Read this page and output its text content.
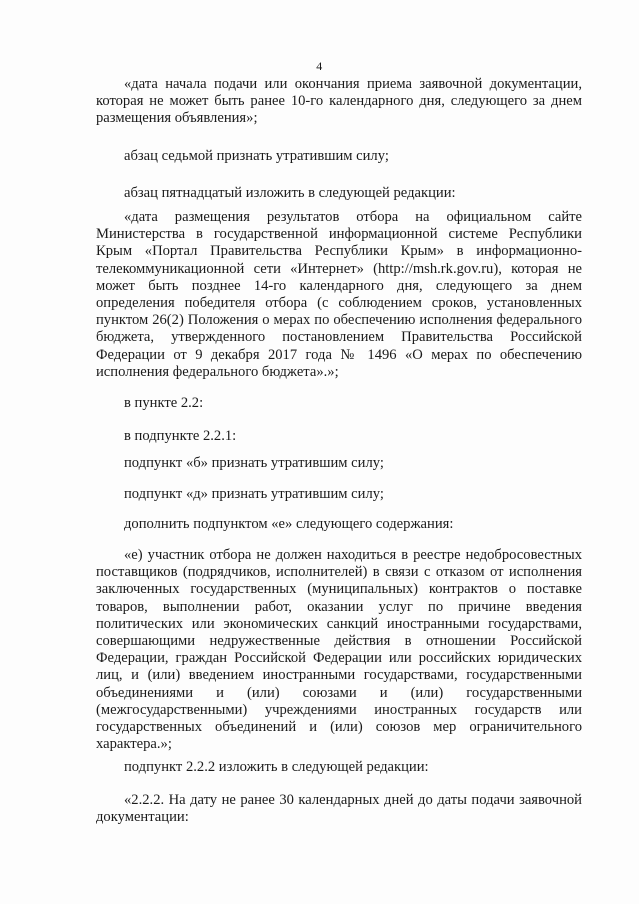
4

«дата начала подачи или окончания приема заявочной документации, которая не может быть ранее 10-го календарного дня, следующего за днем размещения объявления»;

абзац седьмой признать утратившим силу;

абзац пятнадцатый изложить в следующей редакции:

«дата размещения результатов отбора на официальном сайте Министерства в государственной информационной системе Республики Крым «Портал Правительства Республики Крым» в информационно-телекоммуникационной сети «Интернет» (http://msh.rk.gov.ru), которая не может быть позднее 14-го календарного дня, следующего за днем определения победителя отбора (с соблюдением сроков, установленных пунктом 26(2) Положения о мерах по обеспечению исполнения федерального бюджета, утвержденного постановлением Правительства Российской Федерации от 9 декабря 2017 года № 1496 «О мерах по обеспечению исполнения федерального бюджета».»;

в пункте 2.2:

в подпункте 2.2.1:

подпункт «б» признать утратившим силу;

подпункт «д» признать утратившим силу;

дополнить подпунктом «е» следующего содержания:

«е) участник отбора не должен находиться в реестре недобросовестных поставщиков (подрядчиков, исполнителей) в связи с отказом от исполнения заключенных государственных (муниципальных) контрактов о поставке товаров, выполнении работ, оказании услуг по причине введения политических или экономических санкций иностранными государствами, совершающими недружественные действия в отношении Российской Федерации, граждан Российской Федерации или российских юридических лиц, и (или) введением иностранными государствами, государственными объединениями и (или) союзами и (или) государственными (межгосударственными) учреждениями иностранных государств или государственных объединений и (или) союзов мер ограничительного характера.»;

подпункт 2.2.2 изложить в следующей редакции:

«2.2.2. На дату не ранее 30 календарных дней до даты подачи заявочной документации:
